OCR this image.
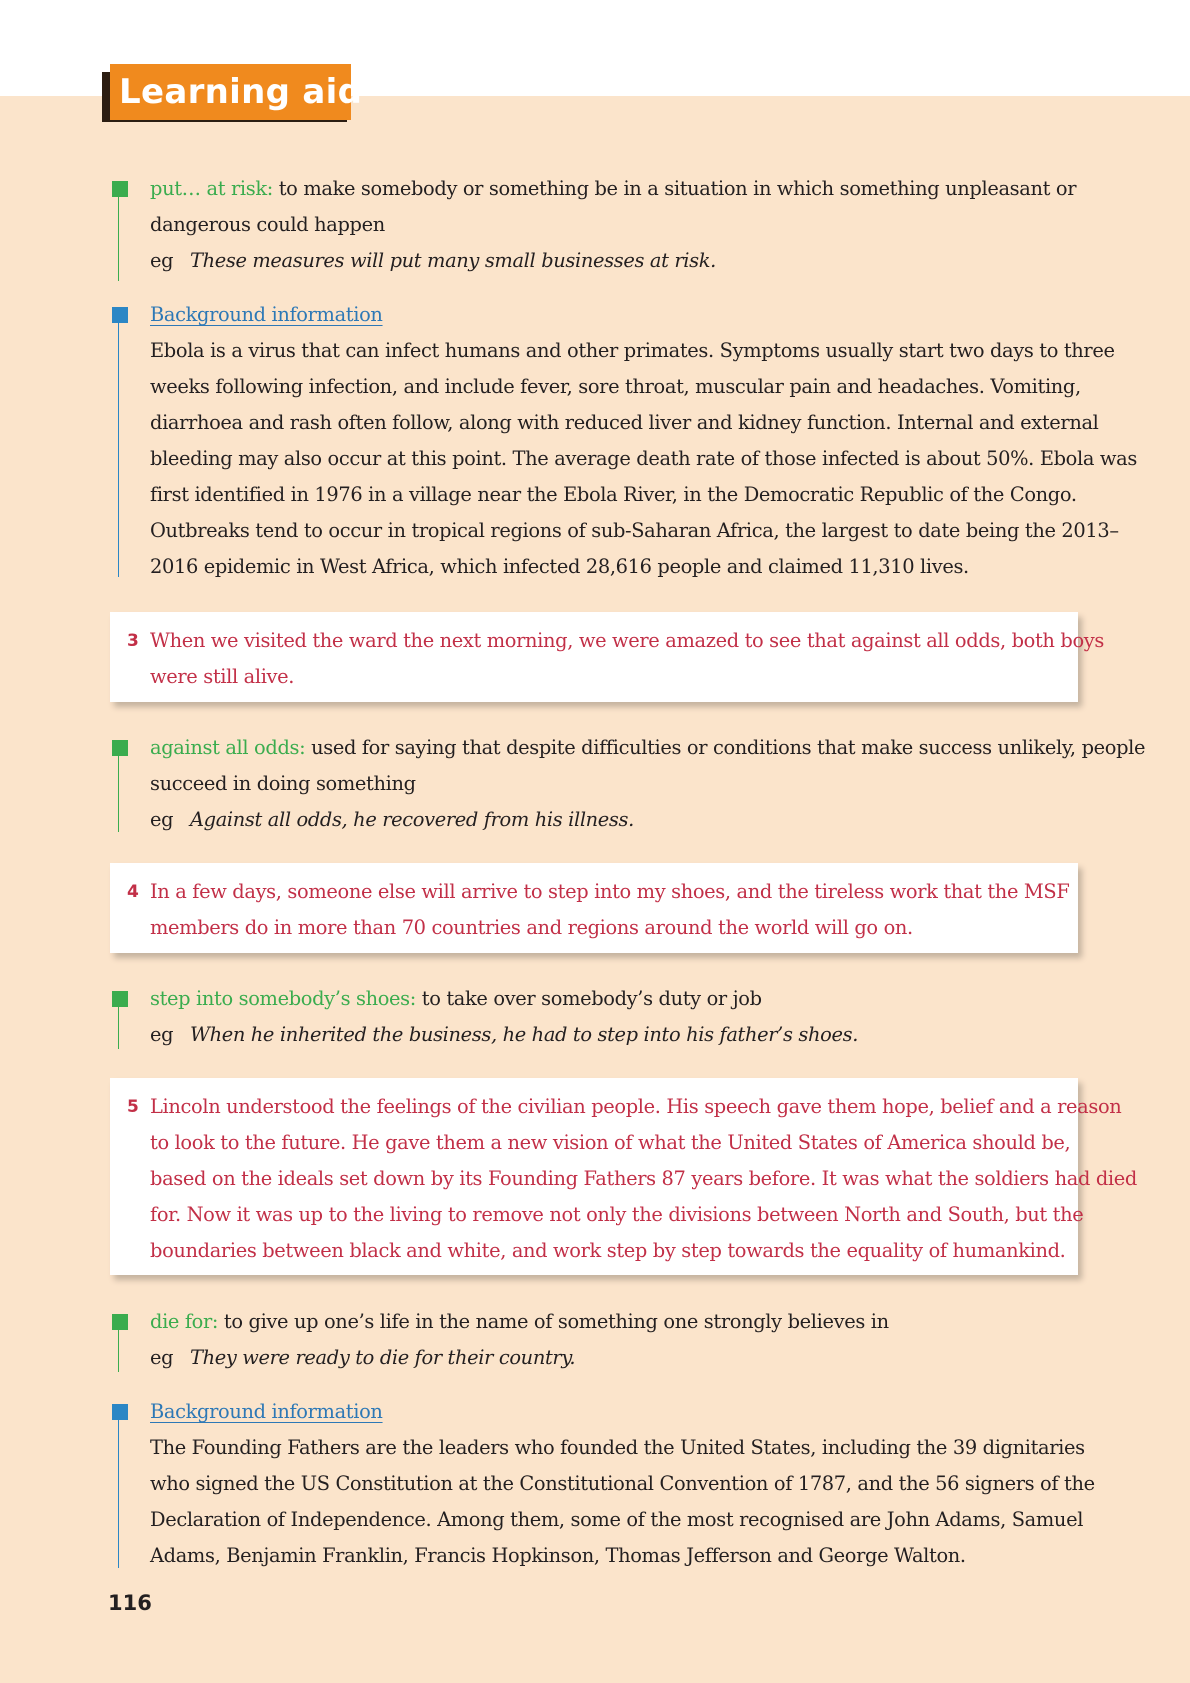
Learning aid
put… at risk: to make somebody or something be in a situation in which something unpleasant or
dangerous could happen
eg These measures will put many small businesses at risk.
Background information
Ebola is a virus that can infect humans and other primates. Symptoms usually start two days to three
weeks following infection, and include fever, sore throat, muscular pain and headaches. Vomiting,
diarrhoea and rash often follow, along with reduced liver and kidney function. Internal and external
bleeding may also occur at this point. The average death rate of those infected is about 50%. Ebola was
first identified in 1976 in a village near the Ebola River, in the Democratic Republic of the Congo.
Outbreaks tend to occur in tropical regions of sub-Saharan Africa, the largest to date being the 2013–
2016 epidemic in West Africa, which infected 28,616 people and claimed 11,310 lives.
3 When we visited the ward the next morning, we were amazed to see that against all odds, both boys
were still alive.
against all odds: used for saying that despite difficulties or conditions that make success unlikely, people
succeed in doing something
eg Against all odds, he recovered from his illness.
4 In a few days, someone else will arrive to step into my shoes, and the tireless work that the MSF
members do in more than 70 countries and regions around the world will go on.
step into somebody’s shoes: to take over somebody’s duty or job
eg When he inherited the business, he had to step into his father’s shoes.
5 Lincoln understood the feelings of the civilian people. His speech gave them hope, belief and a reason
to look to the future. He gave them a new vision of what the United States of America should be,
based on the ideals set down by its Founding Fathers 87 years before. It was what the soldiers had died
for. Now it was up to the living to remove not only the divisions between North and South, but the
boundaries between black and white, and work step by step towards the equality of humankind.
die for: to give up one’s life in the name of something one strongly believes in
eg They were ready to die for their country.
Background information
The Founding Fathers are the leaders who founded the United States, including the 39 dignitaries
who signed the US Constitution at the Constitutional Convention of 1787, and the 56 signers of the
Declaration of Independence. Among them, some of the most recognised are John Adams, Samuel
Adams, Benjamin Franklin, Francis Hopkinson, Thomas Jefferson and George Walton.
116
